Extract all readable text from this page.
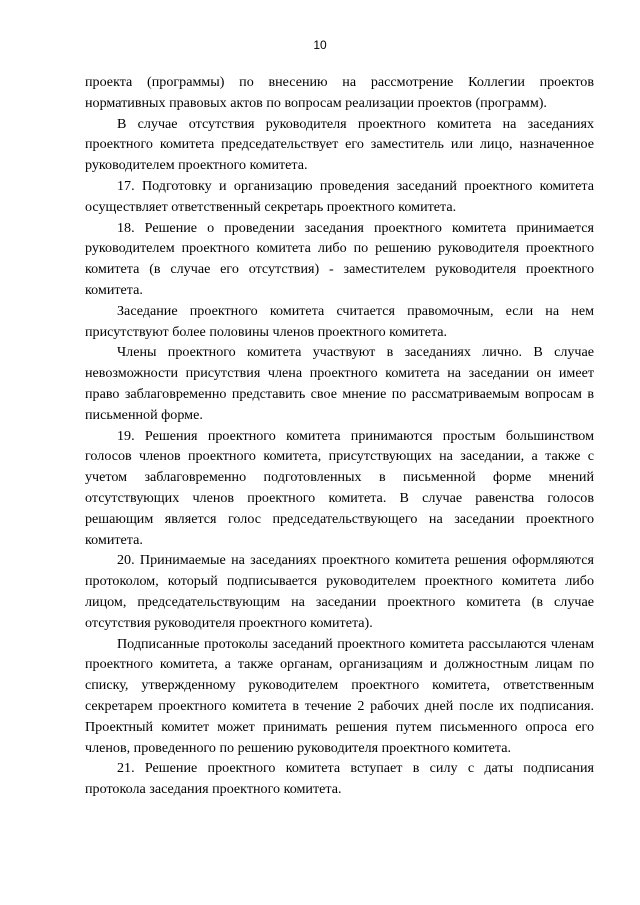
10

проекта (программы) по внесению на рассмотрение Коллегии проектов нормативных правовых актов по вопросам реализации проектов (программ).

В случае отсутствия руководителя проектного комитета на заседаниях проектного комитета председательствует его заместитель или лицо, назначенное руководителем проектного комитета.

17. Подготовку и организацию проведения заседаний проектного комитета осуществляет ответственный секретарь проектного комитета.

18. Решение о проведении заседания проектного комитета принимается руководителем проектного комитета либо по решению руководителя проектного комитета (в случае его отсутствия) - заместителем руководителя проектного комитета.

Заседание проектного комитета считается правомочным, если на нем присутствуют более половины членов проектного комитета.

Члены проектного комитета участвуют в заседаниях лично. В случае невозможности присутствия члена проектного комитета на заседании он имеет право заблаговременно представить свое мнение по рассматриваемым вопросам в письменной форме.

19. Решения проектного комитета принимаются простым большинством голосов членов проектного комитета, присутствующих на заседании, а также с учетом заблаговременно подготовленных в письменной форме мнений отсутствующих членов проектного комитета. В случае равенства голосов решающим является голос председательствующего на заседании проектного комитета.

20. Принимаемые на заседаниях проектного комитета решения оформляются протоколом, который подписывается руководителем проектного комитета либо лицом, председательствующим на заседании проектного комитета (в случае отсутствия руководителя проектного комитета).

Подписанные протоколы заседаний проектного комитета рассылаются членам проектного комитета, а также органам, организациям и должностным лицам по списку, утвержденному руководителем проектного комитета, ответственным секретарем проектного комитета в течение 2 рабочих дней после их подписания. Проектный комитет может принимать решения путем письменного опроса его членов, проведенного по решению руководителя проектного комитета.

21. Решение проектного комитета вступает в силу с даты подписания протокола заседания проектного комитета.
